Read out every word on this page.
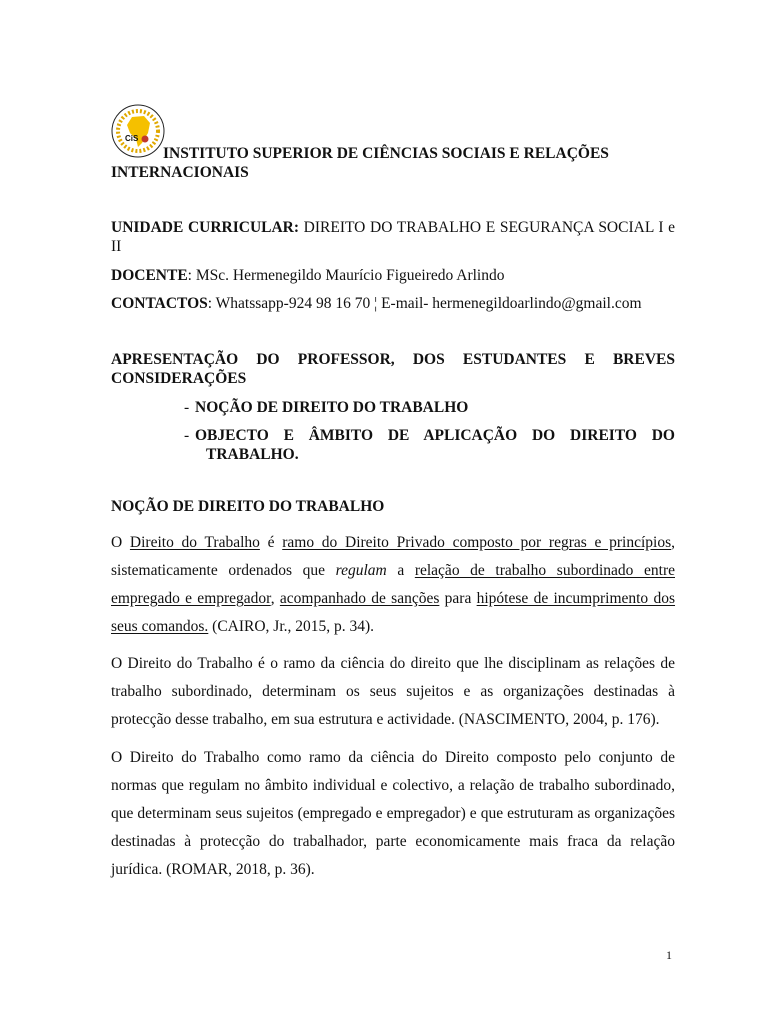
CiS
INSTITUTO SUPERIOR DE CIÊNCIAS SOCIAIS E RELAÇÕES
INTERNACIONAIS
UNIDADE CURRICULAR: DIREITO DO TRABALHO E SEGURANÇA SOCIAL I e II
DOCENTE: MSc. Hermenegildo Maurício Figueiredo Arlindo
CONTACTOS: Whatssapp-924 98 16 70 ¦ E-mail- hermenegildoarlindo@gmail.com
APRESENTAÇÃO DO PROFESSOR, DOS ESTUDANTES E BREVES CONSIDERAÇÕES
- NOÇÃO DE DIREITO DO TRABALHO
- OBJECTO E ÂMBITO DE APLICAÇÃO DO DIREITO DO
TRABALHO.
NOÇÃO DE DIREITO DO TRABALHO
O Direito do Trabalho é ramo do Direito Privado composto por regras e princípios, sistematicamente ordenados que regulam a relação de trabalho subordinado entre empregado e empregador, acompanhado de sanções para hipótese de incumprimento dos seus comandos. (CAIRO, Jr., 2015, p. 34).
O Direito do Trabalho é o ramo da ciência do direito que lhe disciplinam as relações de trabalho subordinado, determinam os seus sujeitos e as organizações destinadas à protecção desse trabalho, em sua estrutura e actividade. (NASCIMENTO, 2004, p. 176).
O Direito do Trabalho como ramo da ciência do Direito composto pelo conjunto de normas que regulam no âmbito individual e colectivo, a relação de trabalho subordinado, que determinam seus sujeitos (empregado e empregador) e que estruturam as organizações destinadas à protecção do trabalhador, parte economicamente mais fraca da relação jurídica. (ROMAR, 2018, p. 36).
1
